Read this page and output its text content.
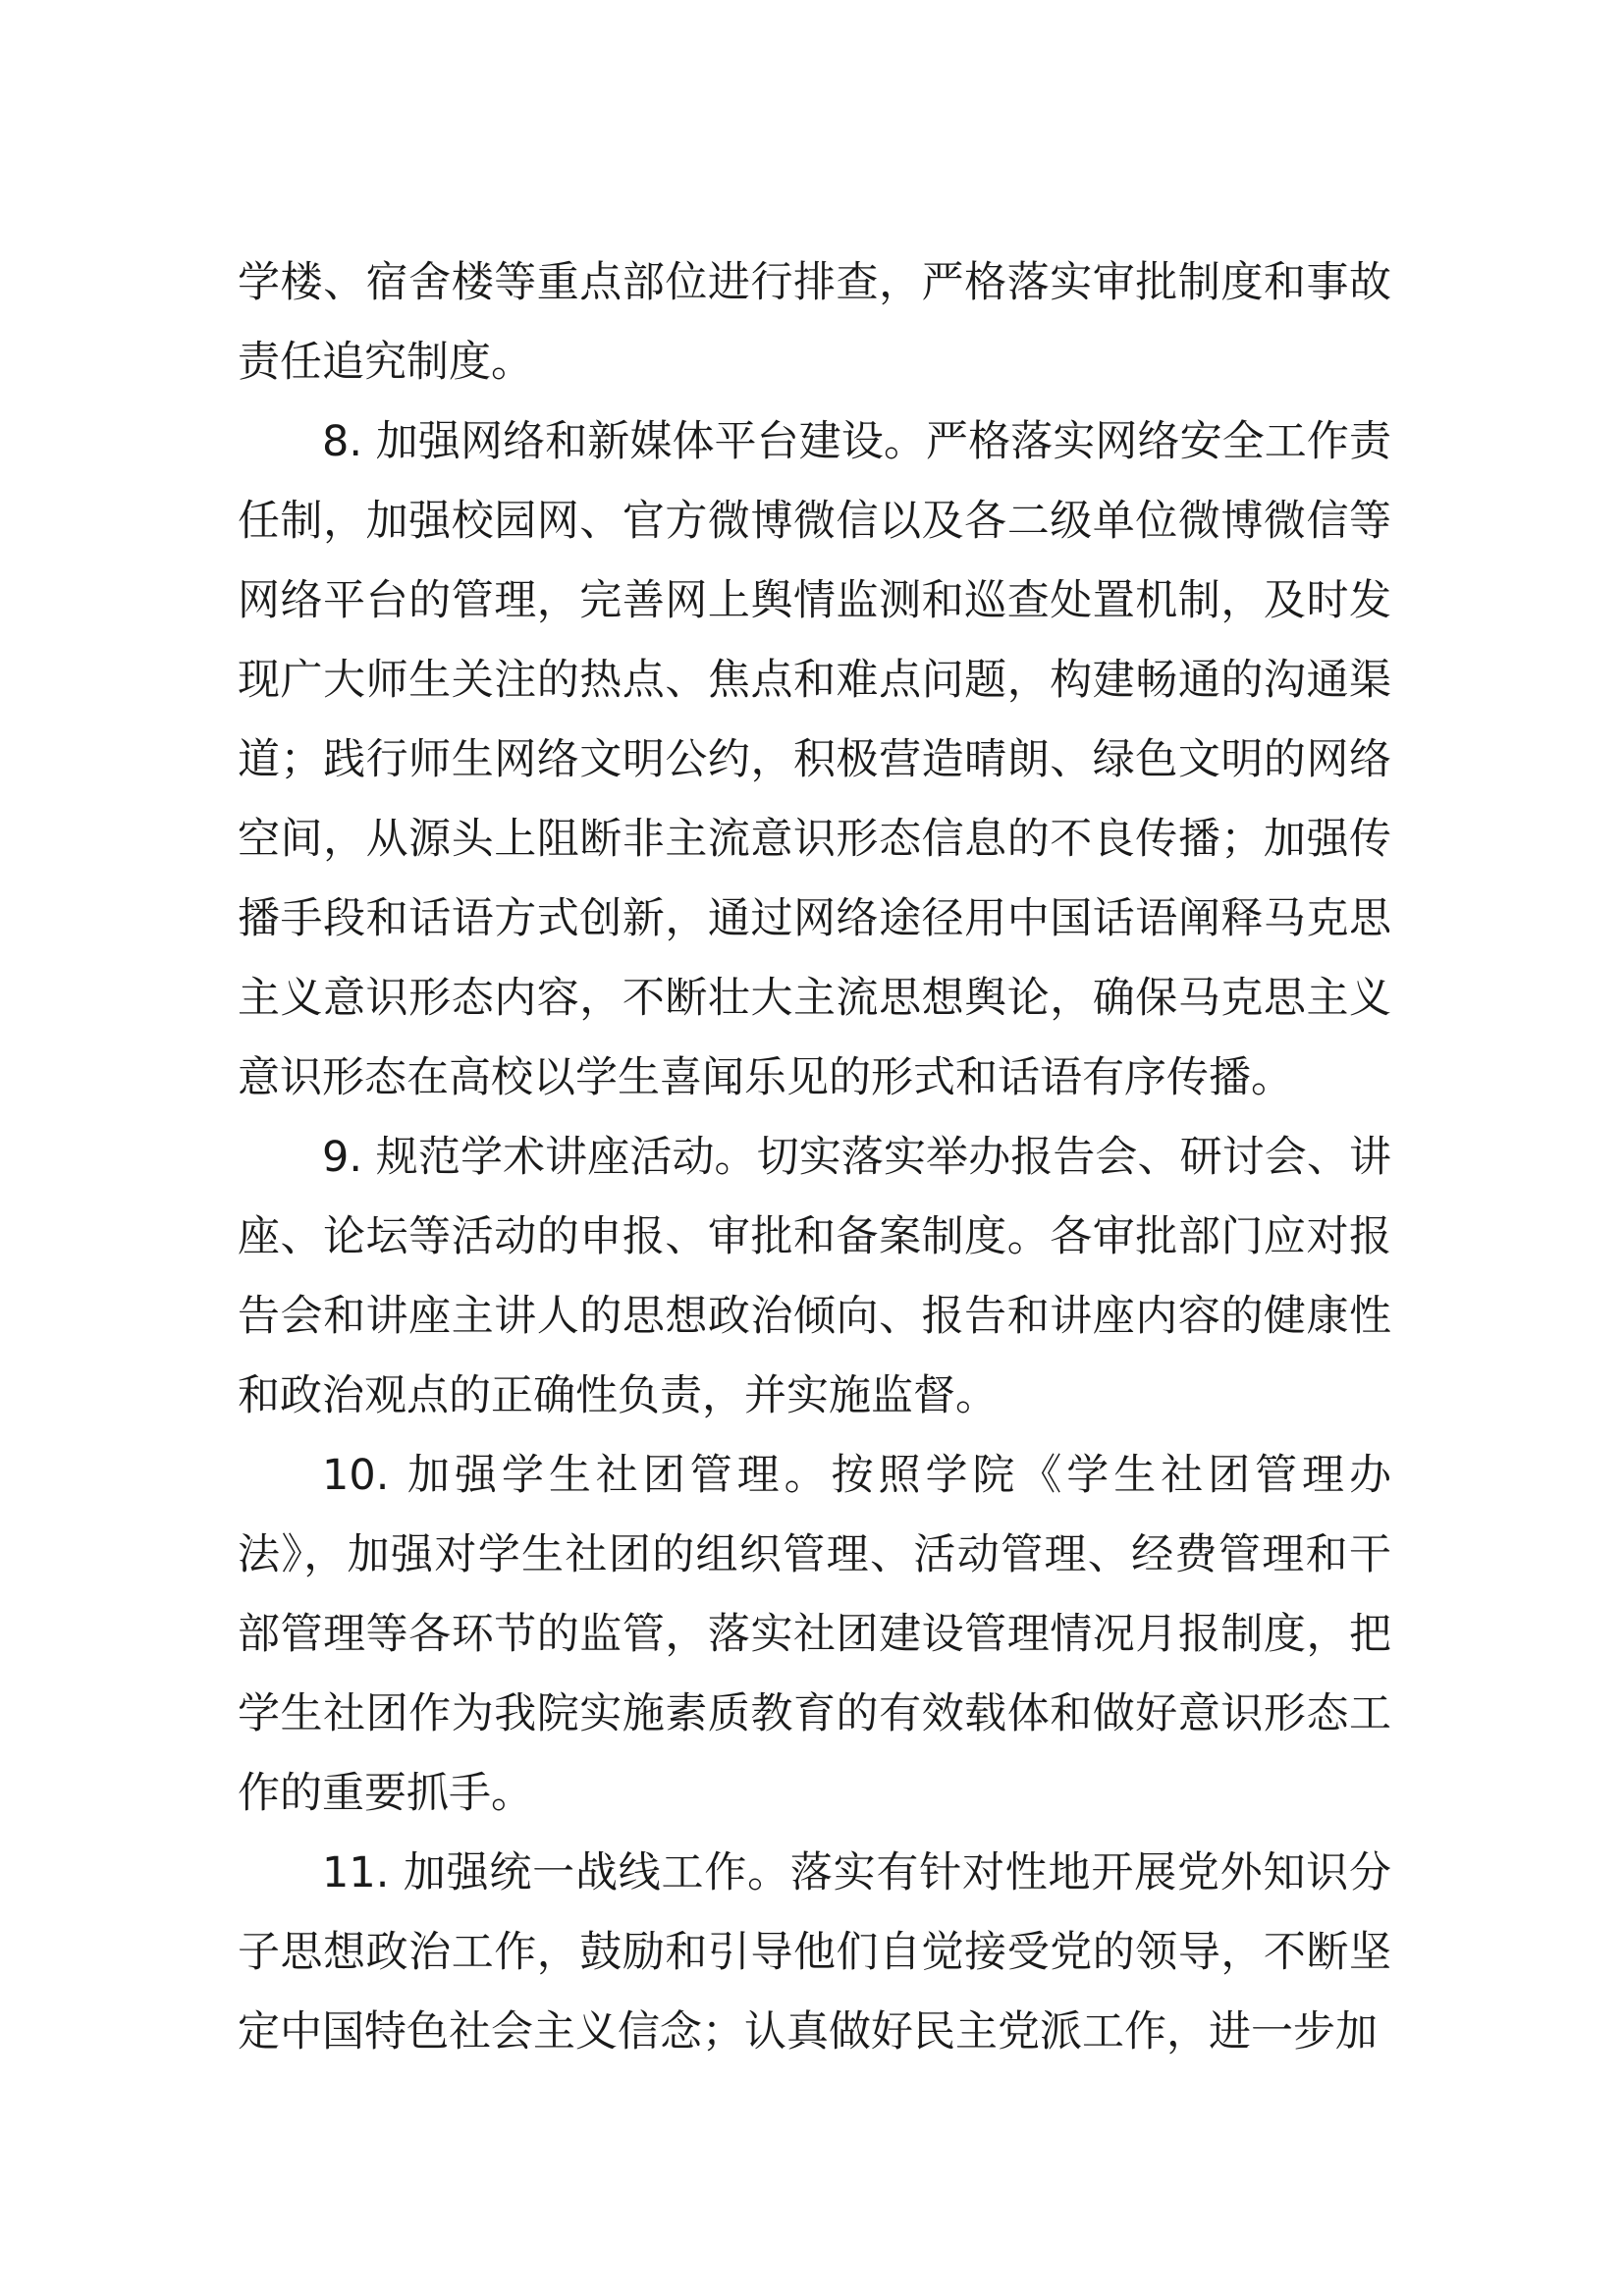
学楼、宿舍楼等重点部位进行排查，严格落实审批制度和事故责任追究制度。

8. 加强网络和新媒体平台建设。严格落实网络安全工作责任制，加强校园网、官方微博微信以及各二级单位微博微信等网络平台的管理，完善网上舆情监测和巡查处置机制，及时发现广大师生关注的热点、焦点和难点问题，构建畅通的沟通渠道；践行师生网络文明公约，积极营造晴朗、绿色文明的网络空间，从源头上阻断非主流意识形态信息的不良传播；加强传播手段和话语方式创新，通过网络途径用中国话语阐释马克思主义意识形态内容，不断壮大主流思想舆论，确保马克思主义意识形态在高校以学生喜闻乐见的形式和话语有序传播。

9. 规范学术讲座活动。切实落实举办报告会、研讨会、讲座、论坛等活动的申报、审批和备案制度。各审批部门应对报告会和讲座主讲人的思想政治倾向、报告和讲座内容的健康性和政治观点的正确性负责，并实施监督。

10. 加强学生社团管理。按照学院《学生社团管理办法》，加强对学生社团的组织管理、活动管理、经费管理和干部管理等各环节的监管，落实社团建设管理情况月报制度，把学生社团作为我院实施素质教育的有效载体和做好意识形态工作的重要抓手。

11. 加强统一战线工作。落实有针对性地开展党外知识分子思想政治工作，鼓励和引导他们自觉接受党的领导，不断坚定中国特色社会主义信念；认真做好民主党派工作，进一步加
